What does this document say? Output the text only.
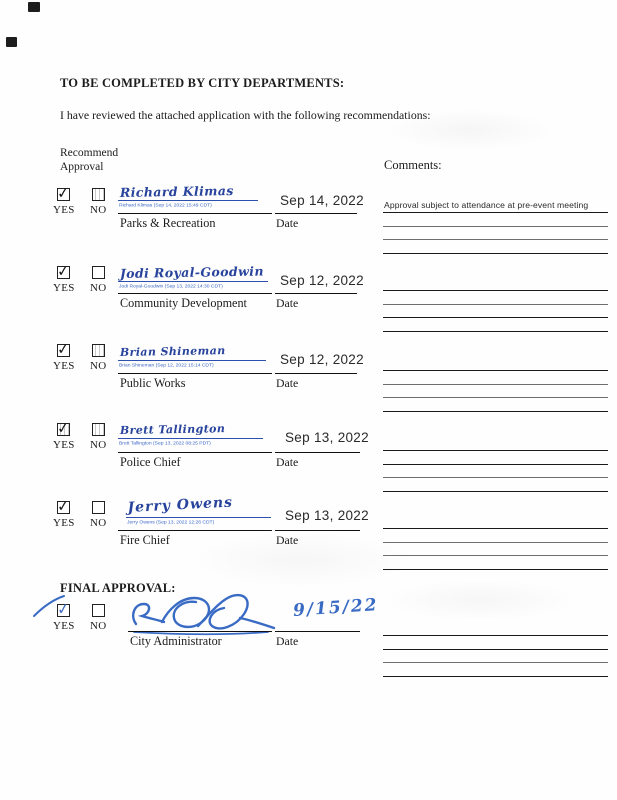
TO BE COMPLETED BY CITY DEPARTMENTS:
I have reviewed the attached application with the following recommendations:
Recommend
Approval	Comments:
✓
YES NO
Richard Klimas
Richard Klimas (Sep 14, 2022 15:49 CDT)
Parks & Recreation
Sep 14, 2022
Date
Approval subject to attendance at pre-event meeting
✓
YES NO
Jodi Royal-Goodwin
Jodi Royal-Goodwin (Sep 13, 2022 14:30 CDT)
Community Development
Sep 12, 2022
Date
✓
YES NO
Brian Shineman
Brian Shineman (Sep 12, 2022 15:14 CDT)
Public Works
Sep 12, 2022
Date
✓
YES NO
Brett Tallington
Brett Tallington (Sep 13, 2022 08:25 PDT)
Police Chief
Sep 13, 2022
Date
✓
YES NO
Jerry Owens
Jerry Owens (Sep 13, 2022 12:26 CDT)
Fire Chief
Sep 13, 2022
Date
FINAL APPROVAL:
✓
YES NO
9/15/22
City Administrator	Date
